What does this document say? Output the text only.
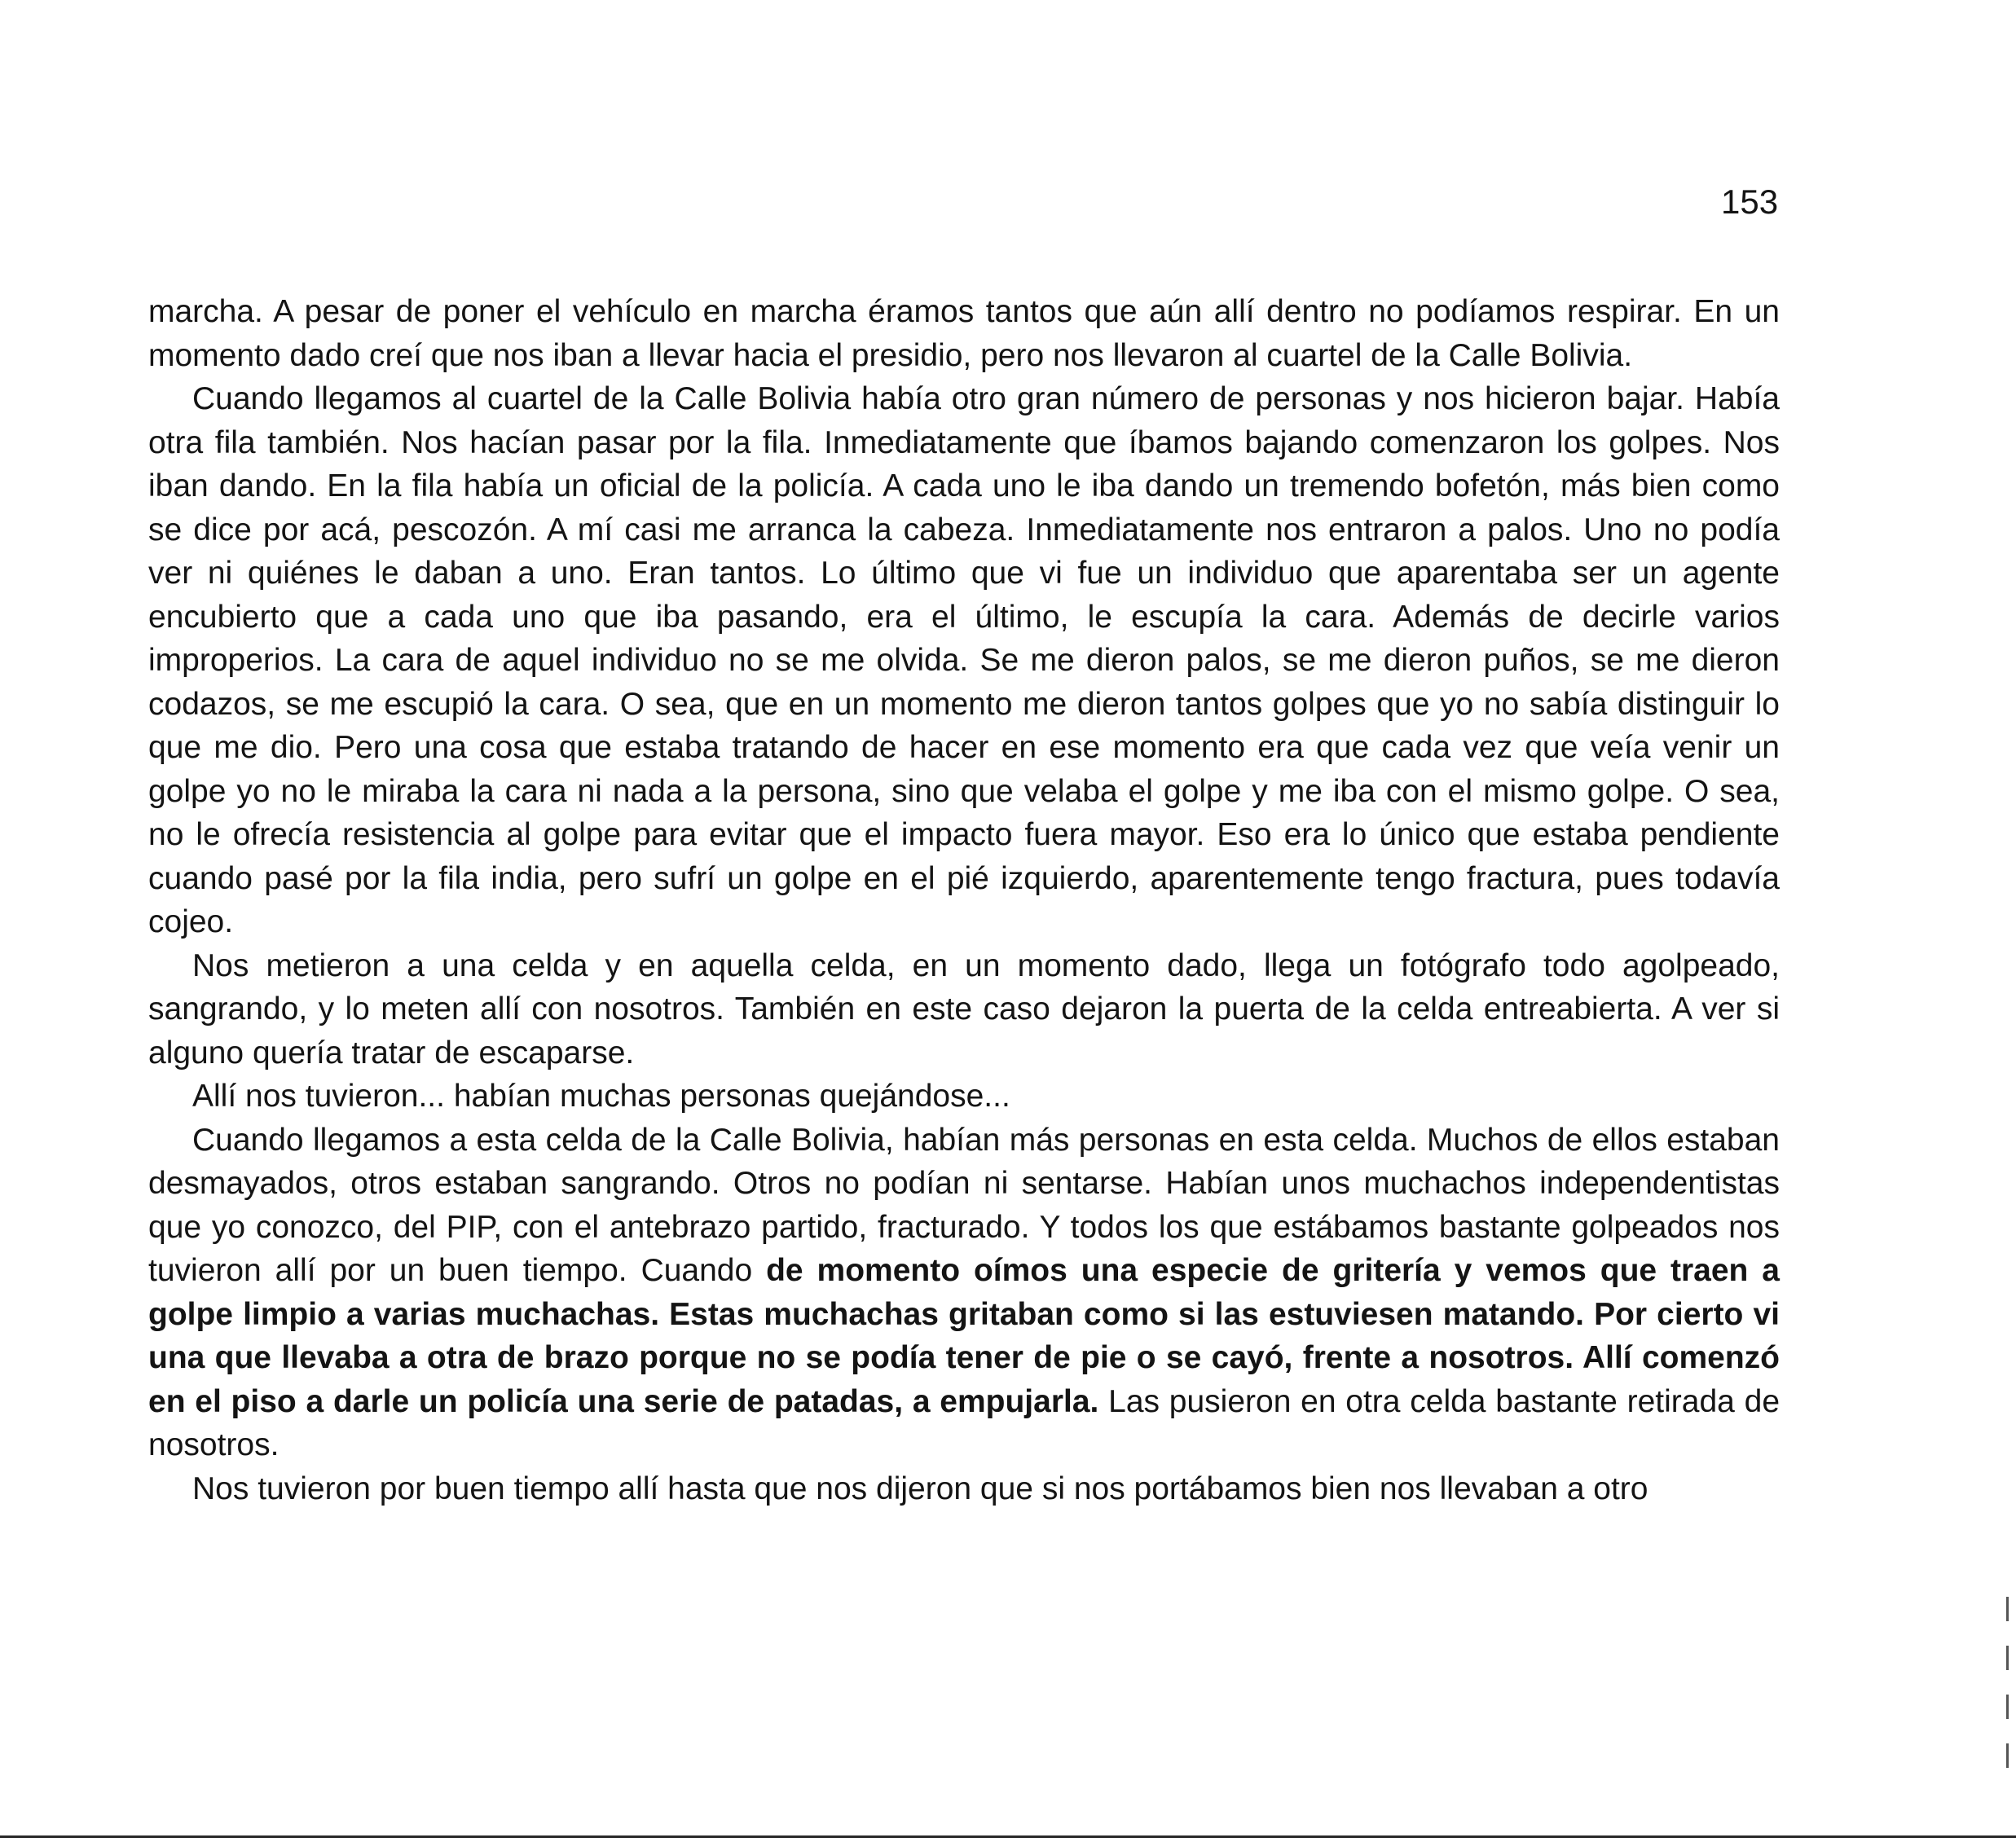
153

marcha. A pesar de poner el vehículo en marcha éramos tantos que aún allí dentro no podíamos respirar. En un momento dado creí que nos iban a llevar hacia el presidio, pero nos llevaron al cuartel de la Calle Bolivia.

Cuando llegamos al cuartel de la Calle Bolivia había otro gran número de personas y nos hicieron bajar. Había otra fila también. Nos hacían pasar por la fila. Inmediatamente que íbamos bajando comenzaron los golpes. Nos iban dando. En la fila había un oficial de la policía. A cada uno le iba dando un tremendo bofetón, más bien como se dice por acá, pescozón. A mí casi me arranca la cabeza. Inmediatamente nos entraron a palos. Uno no podía ver ni quiénes le daban a uno. Eran tantos. Lo último que vi fue un individuo que aparentaba ser un agente encubierto que a cada uno que iba pasando, era el último, le escupía la cara. Además de decirle varios improperios. La cara de aquel individuo no se me olvida. Se me dieron palos, se me dieron puños, se me dieron codazos, se me escupió la cara. O sea, que en un momento me dieron tantos golpes que yo no sabía distinguir lo que me dio. Pero una cosa que estaba tratando de hacer en ese momento era que cada vez que veía venir un golpe yo no le miraba la cara ni nada a la persona, sino que velaba el golpe y me iba con el mismo golpe. O sea, no le ofrecía resistencia al golpe para evitar que el impacto fuera mayor. Eso era lo único que estaba pendiente cuando pasé por la fila india, pero sufrí un golpe en el pié izquierdo, aparentemente tengo fractura, pues todavía cojeo.

Nos metieron a una celda y en aquella celda, en un momento dado, llega un fotógrafo todo agolpeado, sangrando, y lo meten allí con nosotros. También en este caso dejaron la puerta de la celda entreabierta. A ver si alguno quería tratar de escaparse.

Allí nos tuvieron... habían muchas personas quejándose...

Cuando llegamos a esta celda de la Calle Bolivia, habían más personas en esta celda. Muchos de ellos estaban desmayados, otros estaban sangrando. Otros no podían ni sentarse. Habían unos muchachos independentistas que yo conozco, del PIP, con el antebrazo partido, fracturado. Y todos los que estábamos bastante golpeados nos tuvieron allí por un buen tiempo. Cuando de momento oímos una especie de gritería y vemos que traen a golpe limpio a varias muchachas. Estas muchachas gritaban como si las estuviesen matando. Por cierto vi una que llevaba a otra de brazo porque no se podía tener de pie o se cayó, frente a nosotros. Allí comenzó en el piso a darle un policía una serie de patadas, a empujarla. Las pusieron en otra celda bastante retirada de nosotros.

Nos tuvieron por buen tiempo allí hasta que nos dijeron que si nos portábamos bien nos llevaban a otro
